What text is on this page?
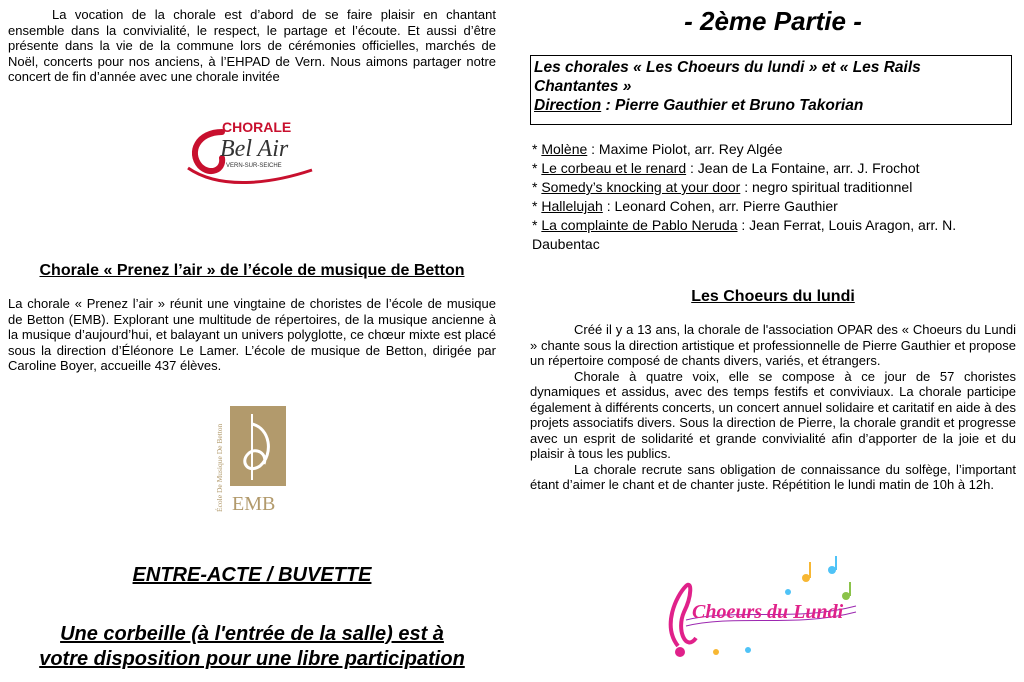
La vocation de la chorale est d’abord de se faire plaisir en chantant ensemble dans la convivialité, le respect, le partage et l’écoute. Et aussi d’être présente dans la vie de la commune lors de cérémonies officielles, marchés de Noël, concerts pour nos anciens, à l’EHPAD de Vern. Nous aimons partager notre concert de fin d’année avec une chorale invitée

CHORALE
Bel Air
VERN-SUR-SEICHE
Chorale « Prenez l’air » de l’école de musique de Betton

La chorale « Prenez l’air » réunit une vingtaine de choristes de l’école de musique de Betton (EMB). Explorant une multitude de répertoires, de la musique ancienne à la musique d’aujourd’hui, et balayant un univers polyglotte, ce chœur mixte est placé sous la direction d’Éléonore Le Lamer. L’école de musique de Betton, dirigée par Caroline Boyer, accueille 437 élèves.

École De Musique De Betton EMB
ENTRE-ACTE / BUVETTE
Une corbeille (à l'entrée de la salle) est à
votre disposition pour une libre participation
- 2ème Partie -
Les chorales « Les Choeurs du lundi » et « Les Rails Chantantes »
Direction : Pierre Gauthier et Bruno Takorian
* Molène : Maxime Piolot, arr. Rey Algée
* Le corbeau et le renard : Jean de La Fontaine, arr. J. Frochot
* Somedy’s knocking at your door : negro spiritual traditionnel
* Hallelujah : Leonard Cohen, arr. Pierre Gauthier
* La complainte de Pablo Neruda : Jean Ferrat, Louis Aragon, arr. N. Daubentac
Les Choeurs du lundi

Créé il y a 13 ans, la chorale de l'association OPAR des « Choeurs du Lundi » chante sous la direction artistique et professionnelle de Pierre Gauthier et propose un répertoire composé de chants divers, variés, et étrangers.

Chorale à quatre voix, elle se compose à ce jour de 57 choristes dynamiques et assidus, avec des temps festifs et conviviaux. La chorale participe également à différents concerts, un concert annuel solidaire et caritatif en aide à des projets associatifs divers. Sous la direction de Pierre, la chorale grandit et progresse avec un esprit de solidarité et grande convivialité afin d’apporter de la joie et du plaisir à tous les publics.

La chorale recrute sans obligation de connaissance du solfège, l’important étant d’aimer le chant et de chanter juste. Répétition le lundi matin de 10h à 12h.

Choeurs du Lundi
